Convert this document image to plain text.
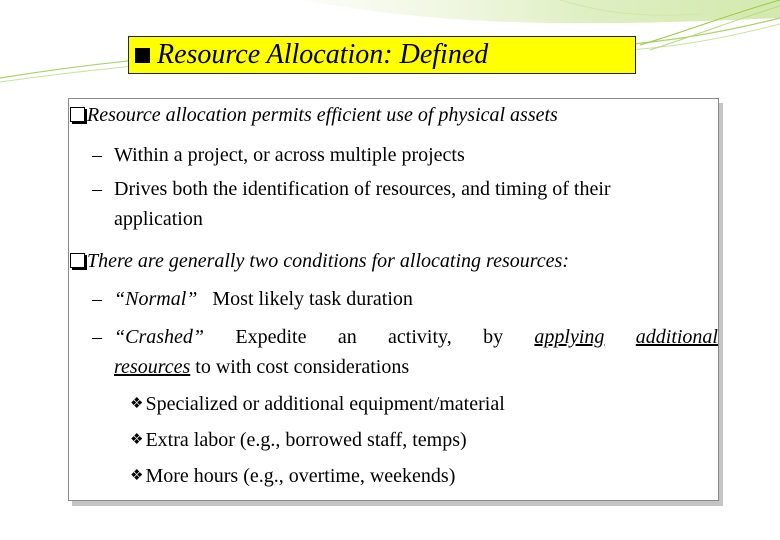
Resource Allocation: Defined
Resource allocation permits efficient use of physical assets
– Within a project, or across multiple projects
– Drives both the identification of resources, and timing of their
application
There are generally two conditions for allocating resources:
– “Normal” Most likely task duration
– “Crashed” Expedite an activity, by applying additional
resources to with cost considerations
❖ Specialized or additional equipment/material
❖ Extra labor (e.g., borrowed staff, temps)
❖ More hours (e.g., overtime, weekends)
